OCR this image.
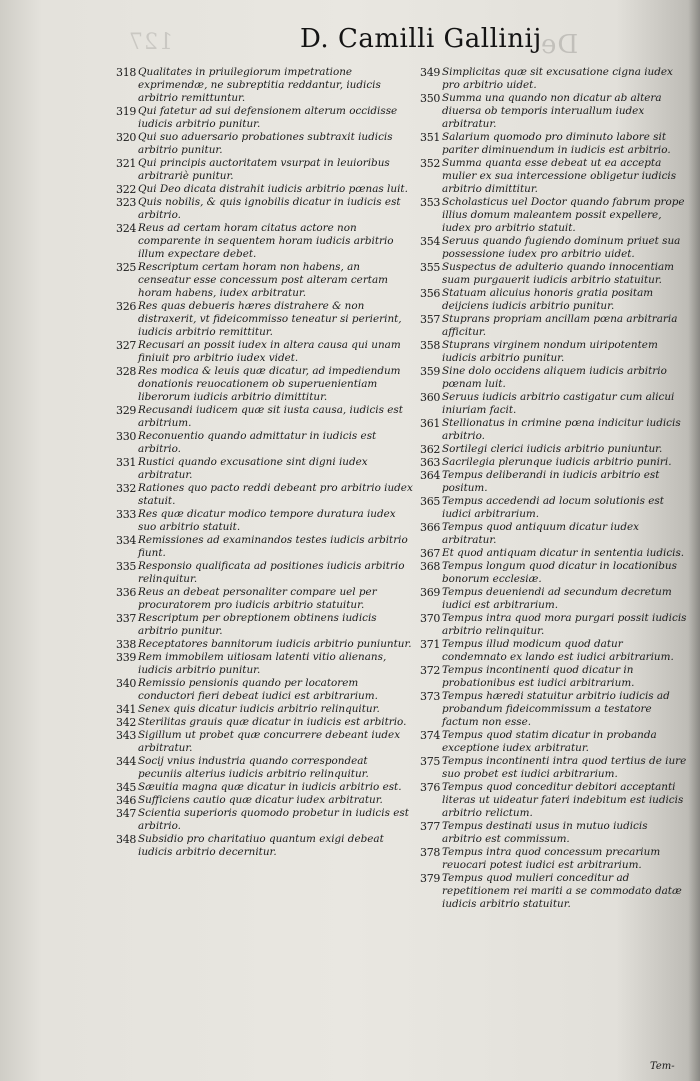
127	De
D. Camilli Gallinij
318 Qualitates in priuilegiorum impetratione exprimendæ, ne subreptitia reddantur, iudicis arbitrio remittuntur.
319 Qui fatetur ad sui defensionem alterum occidisse iudicis arbitrio punitur.
320 Qui suo aduersario probationes subtraxit iudicis arbitrio punitur.
321 Qui principis auctoritatem vsurpat in leuioribus arbitrariè punitur.
322 Qui Deo dicata distrahit iudicis arbitrio pœnas luit.
323 Quis nobilis, & quis ignobilis dicatur in iudicis est arbitrio.
324 Reus ad certam horam citatus actore non comparente in sequentem horam iudicis arbitrio illum expectare debet.
325 Rescriptum certam horam non habens, an censeatur esse concessum post alteram certam horam habens, iudex arbitratur.
326 Res quas debueris hæres distrahere & non distraxerit, vt fideicommisso teneatur si perierint, iudicis arbitrio remittitur.
327 Recusari an possit iudex in altera causa qui unam finiuit pro arbitrio iudex videt.
328 Res modica & leuis quæ dicatur, ad impediendum donationis reuocationem ob superuenientiam liberorum iudicis arbitrio dimittitur.
329 Recusandi iudicem quæ sit iusta causa, iudicis est arbitrium.
330 Reconuentio quando admittatur in iudicis est arbitrio.
331 Rustici quando excusatione sint digni iudex arbitratur.
332 Rationes quo pacto reddi debeant pro arbitrio iudex statuit.
333 Res quæ dicatur modico tempore duratura iudex suo arbitrio statuit.
334 Remissiones ad examinandos testes iudicis arbitrio fiunt.
335 Responsio qualificata ad positiones iudicis arbitrio relinquitur.
336 Reus an debeat personaliter compare uel per procuratorem pro iudicis arbitrio statuitur.
337 Rescriptum per obreptionem obtinens iudicis arbitrio punitur.
338 Receptatores bannitorum iudicis arbitrio puniuntur.
339 Rem immobilem uitiosam latenti vitio alienans, iudicis arbitrio punitur.
340 Remissio pensionis quando per locatorem conductori fieri debeat iudici est arbitrarium.
341 Senex quis dicatur iudicis arbitrio relinquitur.
342 Sterilitas grauis quæ dicatur in iudicis est arbitrio.
343 Sigillum ut probet quæ concurrere debeant iudex arbitratur.
344 Socij vnius industria quando correspondeat pecuniis alterius iudicis arbitrio relinquitur.
345 Sæuitia magna quæ dicatur in iudicis arbitrio est.
346 Sufficiens cautio quæ dicatur iudex arbitratur.
347 Scientia superioris quomodo probetur in iudicis est arbitrio.
348 Subsidio pro charitatiuo quantum exigi debeat iudicis arbitrio decernitur.
349 Simplicitas quæ sit excusatione cigna iudex pro arbitrio uidet.
350 Summa una quando non dicatur ab altera diuersa ob temporis interuallum iudex arbitratur.
351 Salarium quomodo pro diminuto labore sit pariter diminuendum in iudicis est arbitrio.
352 Summa quanta esse debeat ut ea accepta mulier ex sua intercessione obligetur iudicis arbitrio dimittitur.
353 Scholasticus uel Doctor quando fabrum prope illius domum maleantem possit expellere, iudex pro arbitrio statuit.
354 Seruus quando fugiendo dominum priuet sua possessione iudex pro arbitrio uidet.
355 Suspectus de adulterio quando innocentiam suam purgauerit iudicis arbitrio statuitur.
356 Statuam alicuius honoris gratia positam deijciens iudicis arbitrio punitur.
357 Stuprans propriam ancillam pœna arbitraria afficitur.
358 Stuprans virginem nondum uiripotentem iudicis arbitrio punitur.
359 Sine dolo occidens aliquem iudicis arbitrio pœnam luit.
360 Seruus iudicis arbitrio castigatur cum alicui iniuriam facit.
361 Stellionatus in crimine pœna indicitur iudicis arbitrio.
362 Sortilegi clerici iudicis arbitrio puniuntur.
363 Sacrilegia plerunque iudicis arbitrio puniri.
364 Tempus deliberandi in iudicis arbitrio est positum.
365 Tempus accedendi ad locum solutionis est iudici arbitrarium.
366 Tempus quod antiquum dicatur iudex arbitratur.
367 Et quod antiquam dicatur in sententia iudicis.
368 Tempus longum quod dicatur in locationibus bonorum ecclesiæ.
369 Tempus deueniendi ad secundum decretum iudici est arbitrarium.
370 Tempus intra quod mora purgari possit iudicis arbitrio relinquitur.
371 Tempus illud modicum quod datur condemnato ex lando est iudici arbitrarium.
372 Tempus incontinenti quod dicatur in probationibus est iudici arbitrarium.
373 Tempus hæredi statuitur arbitrio iudicis ad probandum fideicommissum a testatore factum non esse.
374 Tempus quod statim dicatur in probanda exceptione iudex arbitratur.
375 Tempus incontinenti intra quod tertius de iure suo probet est iudici arbitrarium.
376 Tempus quod conceditur debitori acceptanti literas ut uideatur fateri indebitum est iudicis arbitrio relictum.
377 Tempus destinati usus in mutuo iudicis arbitrio est commissum.
378 Tempus intra quod concessum precarium reuocari potest iudici est arbitrarium.
379 Tempus quod mulieri conceditur ad repetitionem rei mariti a se commodato datæ iudicis arbitrio statuitur.
Tem-
